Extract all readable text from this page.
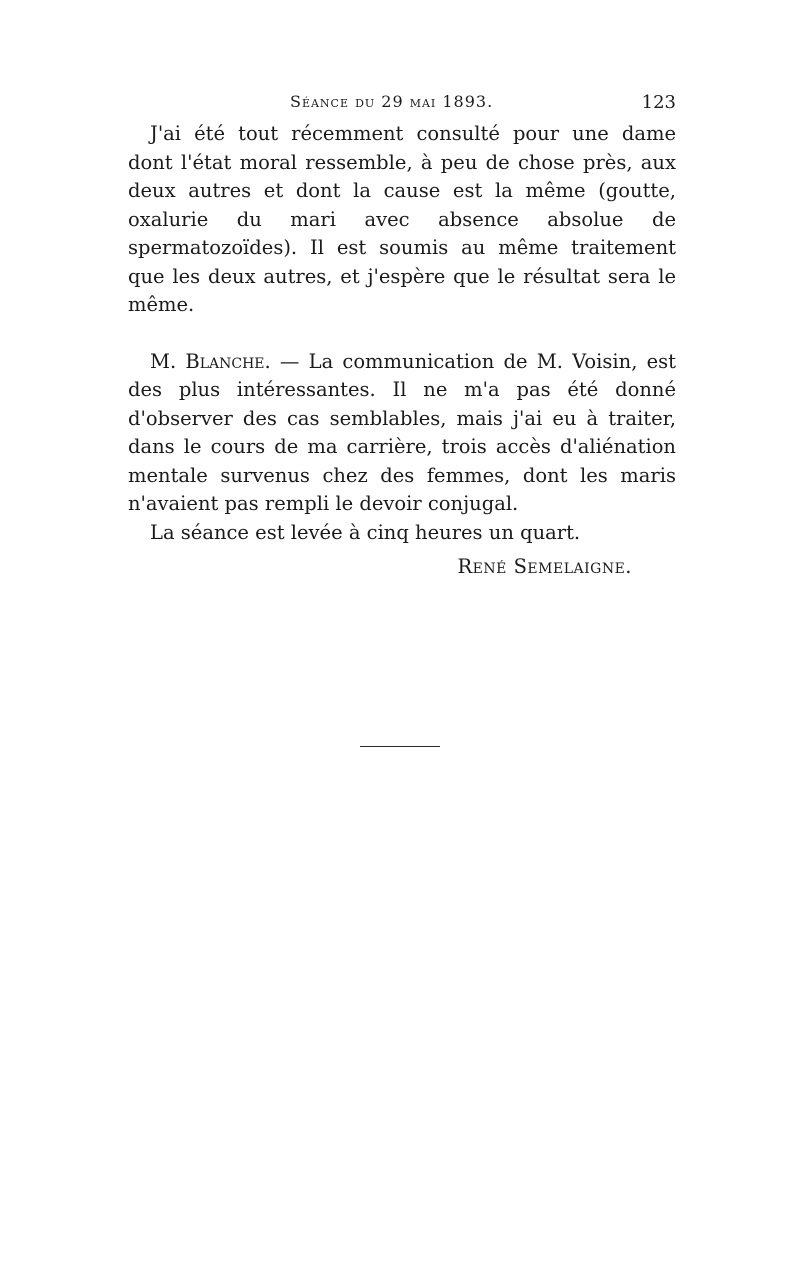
Séance du 29 mai 1893.	123

J'ai été tout récemment consulté pour une dame dont l'état moral ressemble, à peu de chose près, aux deux autres et dont la cause est la même (goutte, oxalurie du mari avec absence absolue de spermatozoïdes). Il est soumis au même traitement que les deux autres, et j'espère que le résultat sera le même.

M. Blanche. — La communication de M. Voisin, est des plus intéressantes. Il ne m'a pas été donné d'observer des cas semblables, mais j'ai eu à traiter, dans le cours de ma carrière, trois accès d'aliénation mentale survenus chez des femmes, dont les maris n'avaient pas rempli le devoir conjugal.

La séance est levée à cinq heures un quart.

René Semelaigne.
